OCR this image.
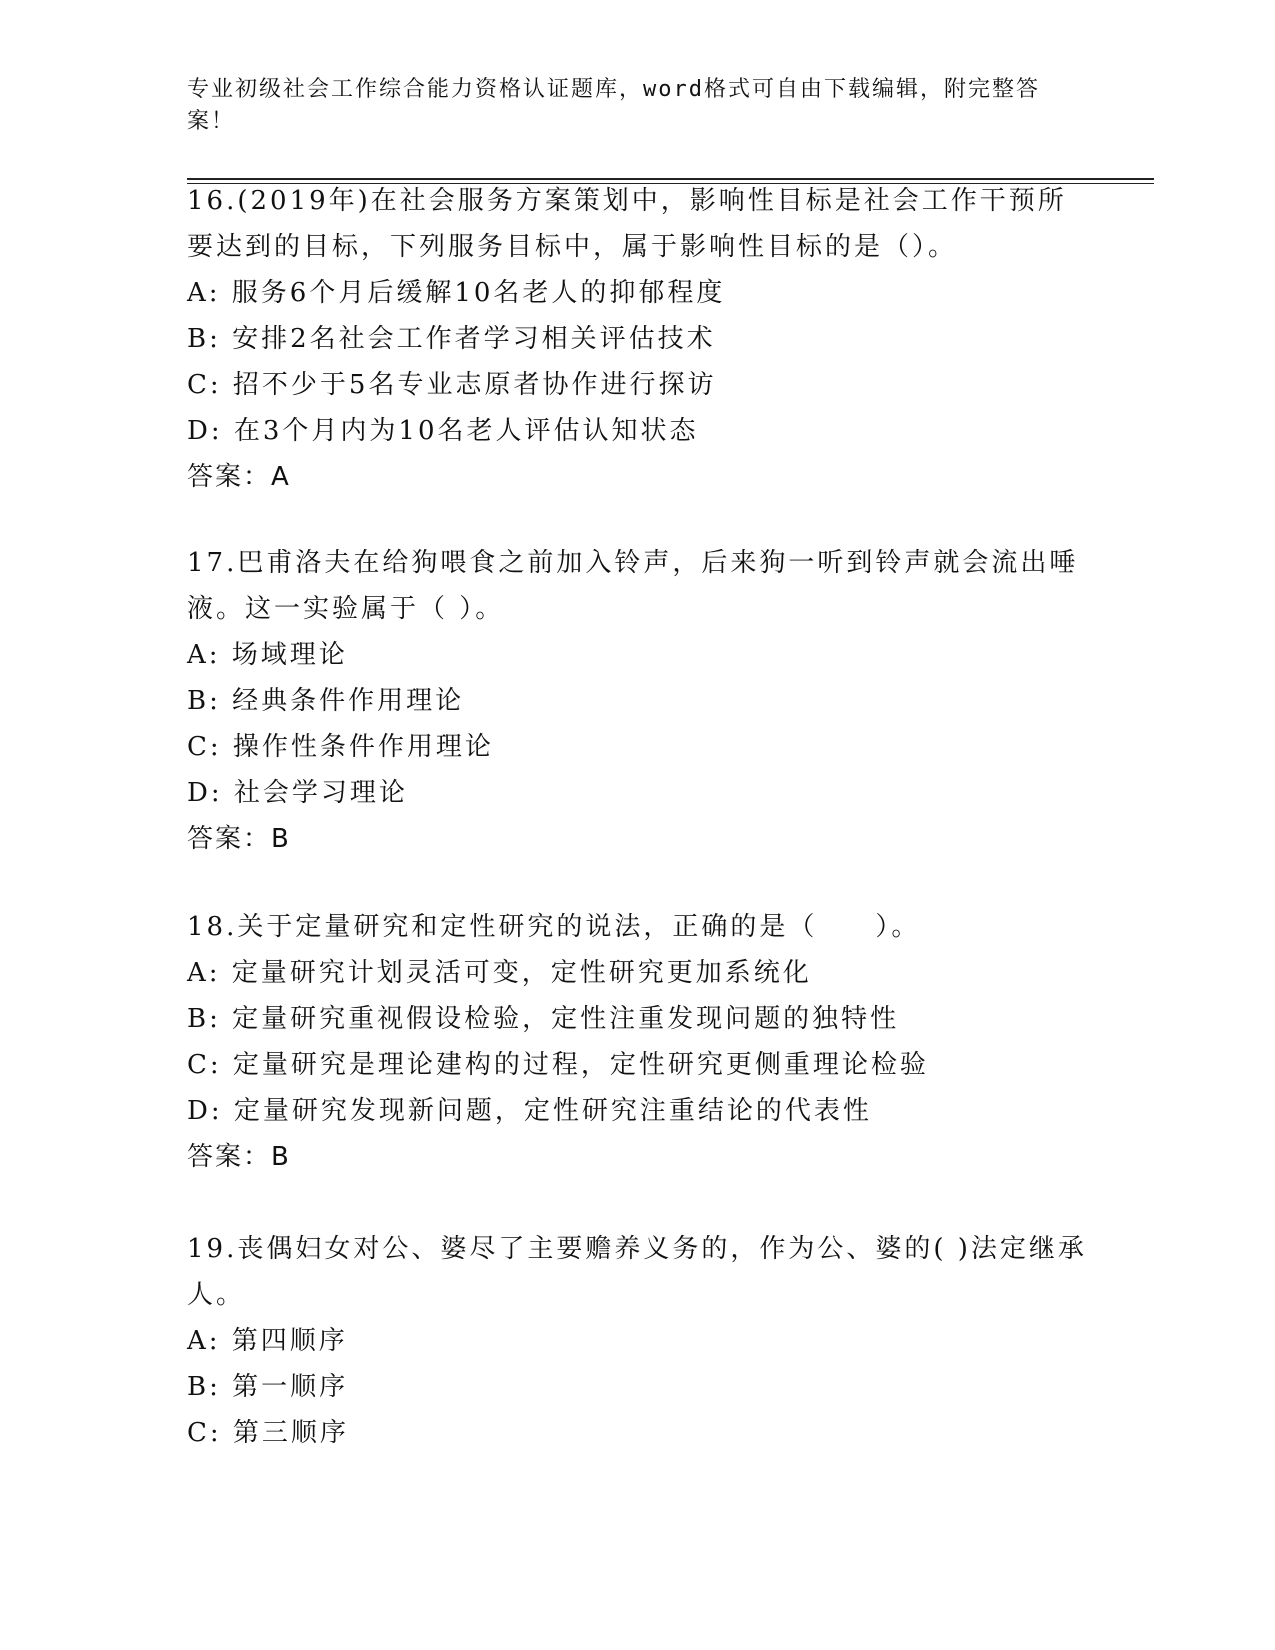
专业初级社会工作综合能力资格认证题库，word格式可自由下载编辑，附完整答案！
16.(2019年)在社会服务方案策划中，影响性目标是社会工作干预所要达到的目标，下列服务目标中，属于影响性目标的是（）。
A: 服务6个月后缓解10名老人的抑郁程度
B: 安排2名社会工作者学习相关评估技术
C: 招不少于5名专业志原者协作进行探访
D: 在3个月内为10名老人评估认知状态
答案：A
17.巴甫洛夫在给狗喂食之前加入铃声，后来狗一听到铃声就会流出唾液。这一实验属于（ ）。
A: 场域理论
B: 经典条件作用理论
C: 操作性条件作用理论
D: 社会学习理论
答案：B
18.关于定量研究和定性研究的说法，正确的是（　　）。
A: 定量研究计划灵活可变，定性研究更加系统化
B: 定量研究重视假设检验，定性注重发现问题的独特性
C: 定量研究是理论建构的过程，定性研究更侧重理论检验
D: 定量研究发现新问题，定性研究注重结论的代表性
答案：B
19.丧偶妇女对公、婆尽了主要赡养义务的，作为公、婆的( )法定继承人。
A: 第四顺序
B: 第一顺序
C: 第三顺序
